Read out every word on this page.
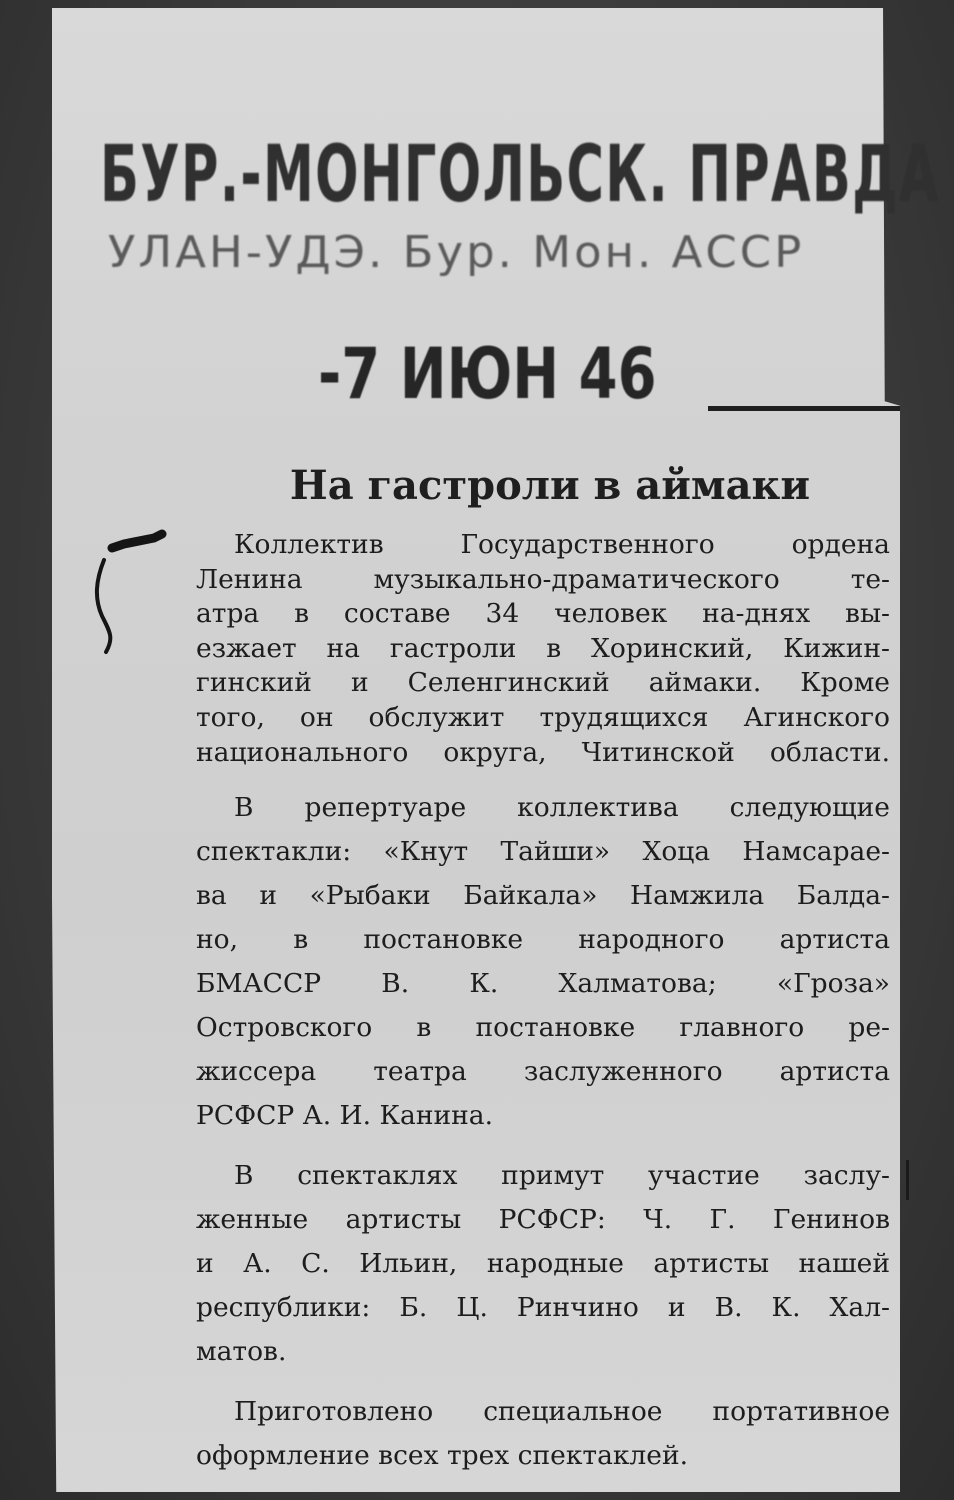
БУР.-МОНГОЛЬСК. ПРАВДА
УЛАН-УДЭ. Бур. Мон. АССР
-7 ИЮН 46
На гастроли в аймаки
Коллектив Государственного ордена
Ленина музыкально-драматического те-
атра в составе 34 человек на-днях вы-
езжает на гастроли в Хоринский, Кижин-
гинский и Селенгинский аймаки. Кроме
того, он обслужит трудящихся Агинского
национального округа, Читинской области.
В репертуаре коллектива следующие
спектакли: «Кнут Тайши» Хоца Намсарае-
ва и «Рыбаки Байкала» Намжила Балда-
но, в постановке народного артиста
БМАССР В. К. Халматова; «Гроза»
Островского в постановке главного ре-
жиссера театра заслуженного артиста
РСФСР А. И. Канина.
В спектаклях примут участие заслу-
женные артисты РСФСР: Ч. Г. Генинов
и А. С. Ильин, народные артисты нашей
республики: Б. Ц. Ринчино и В. К. Хал-
матов.
Приготовлено специальное портативное
оформление всех трех спектаклей.
